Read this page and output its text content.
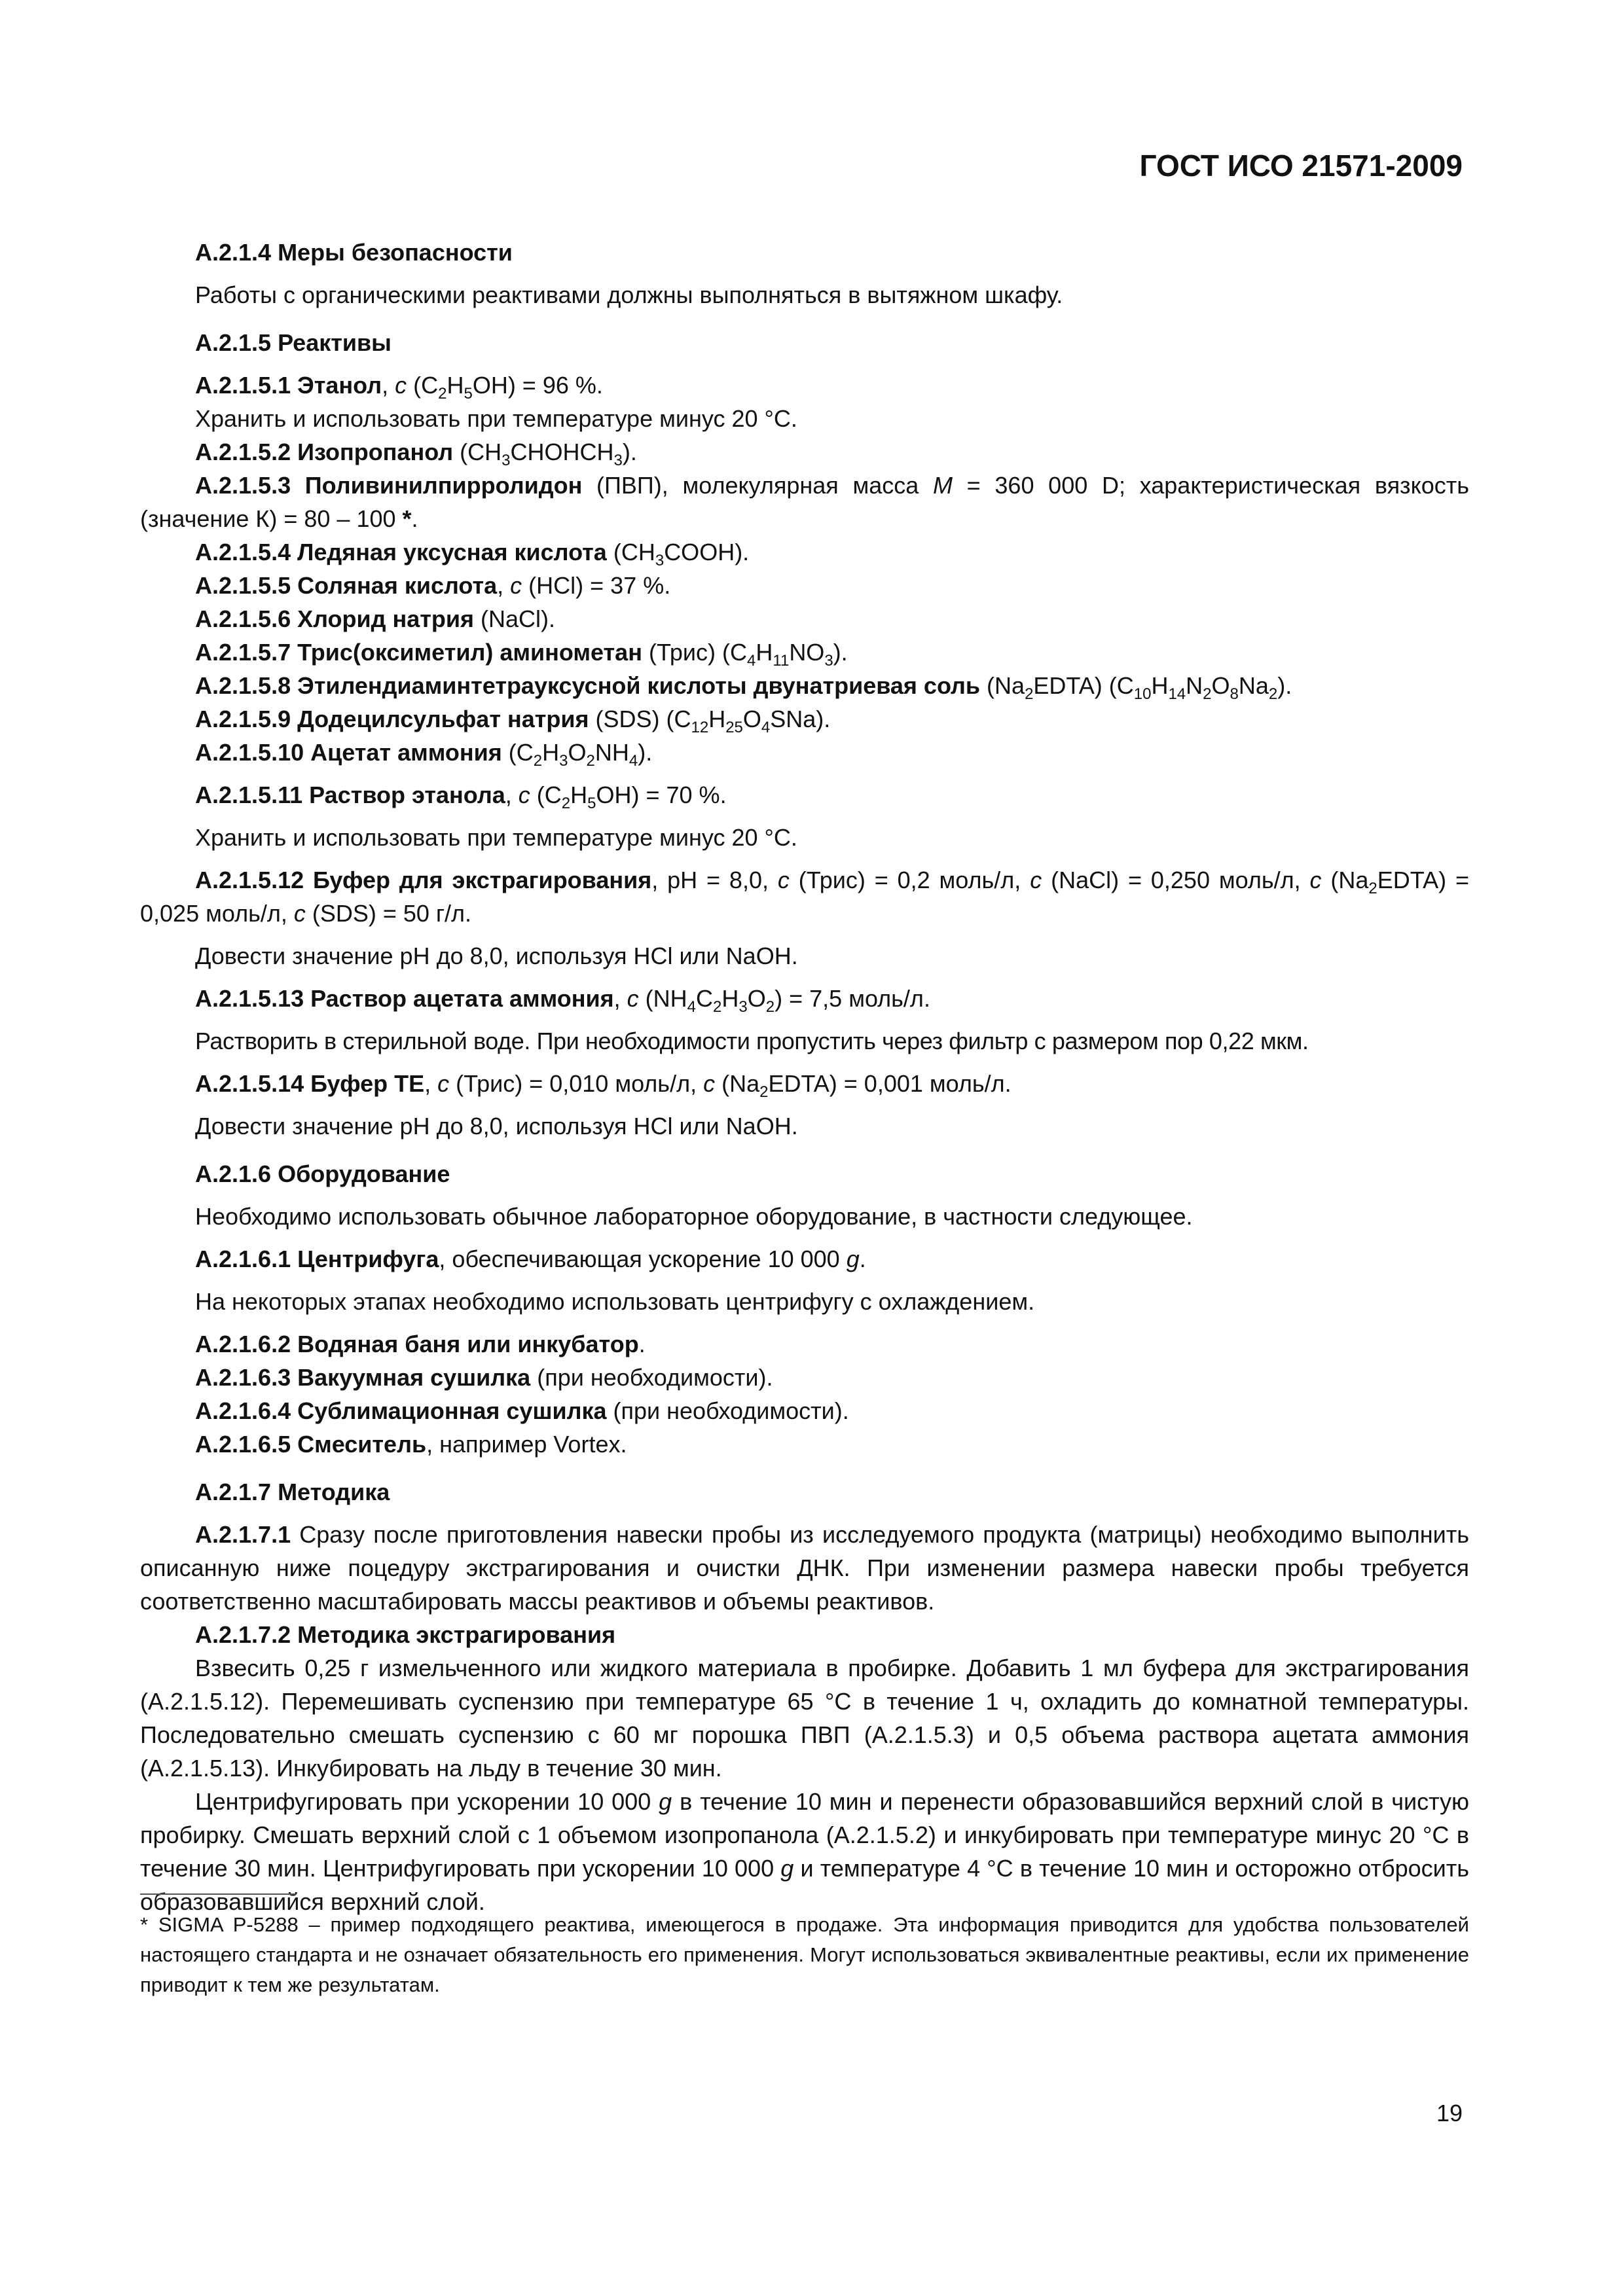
ГОСТ ИСО 21571-2009

А.2.1.4 Меры безопасности

Работы с органическими реактивами должны выполняться в вытяжном шкафу.

А.2.1.5 Реактивы

А.2.1.5.1 Этанол, с $(C_2H_5OH) = 96$ %.

Хранить и использовать при температуре минус 20 °С.

А.2.1.5.2 Изопропанол $(CH_3CHOHCH_3)$.

А.2.1.5.3 Поливинилпирролидон (ПВП), молекулярная масса М = 360 000 D; характеристическая вязкость (значение К) = 80 – 100 *.

А.2.1.5.4 Ледяная уксусная кислота $(CH_3COOH)$.

А.2.1.5.5 Соляная кислота, с (HCl) = 37 %.

А.2.1.5.6 Хлорид натрия (NaCl).

А.2.1.5.7 Трис(оксиметил) аминометан (Трис) $(C_4H_{11}NO_3)$.

А.2.1.5.8 Этилендиаминтетрауксусной кислоты двунатриевая соль $(Na_2EDTA)$ $(C_{10}H_{14}N_2O_8Na_2)$.

А.2.1.5.9 Додецилсульфат натрия (SDS) $(C_{12}H_{25}O_4SNa)$.

А.2.1.5.10 Ацетат аммония $(C_2H_3O_2NH_4)$.

А.2.1.5.11 Раствор этанола, с $(C_2H_5OH) = 70$ %.

Хранить и использовать при температуре минус 20 °С.

А.2.1.5.12 Буфер для экстрагирования, рН = 8,0, с (Трис) = 0,2 моль/л, с (NaCl) = 0,250 моль/л, с $(Na_2EDTA) = 0,025$ моль/л, с (SDS) = 50 г/л.

Довести значение рН до 8,0, используя HCl или NaOH.

А.2.1.5.13 Раствор ацетата аммония, с $(NH_4C_2H_3O_2) = 7,5$ моль/л.

Растворить в стерильной воде. При необходимости пропустить через фильтр с размером пор 0,22 мкм.

А.2.1.5.14 Буфер ТЕ, с (Трис) = 0,010 моль/л, с $(Na_2EDTA) = 0,001$ моль/л.

Довести значение рН до 8,0, используя HCl или NaOH.

А.2.1.6 Оборудование

Необходимо использовать обычное лабораторное оборудование, в частности следующее.

А.2.1.6.1 Центрифуга, обеспечивающая ускорение 10 000 g.

На некоторых этапах необходимо использовать центрифугу с охлаждением.

А.2.1.6.2 Водяная баня или инкубатор.

А.2.1.6.3 Вакуумная сушилка (при необходимости).

А.2.1.6.4 Сублимационная сушилка (при необходимости).

А.2.1.6.5 Смеситель, например Vortex.

А.2.1.7 Методика

А.2.1.7.1 Сразу после приготовления навески пробы из исследуемого продукта (матрицы) необходимо выполнить описанную ниже поцедуру экстрагирования и очистки ДНК. При изменении размера навески пробы требуется соответственно масштабировать массы реактивов и объемы реактивов.

А.2.1.7.2 Методика экстрагирования

Взвесить 0,25 г измельченного или жидкого материала в пробирке. Добавить 1 мл буфера для экстрагирования (А.2.1.5.12). Перемешивать суспензию при температуре 65 °С в течение 1 ч, охладить до комнатной температуры. Последовательно смешать суспензию с 60 мг порошка ПВП (А.2.1.5.3) и 0,5 объема раствора ацетата аммония (А.2.1.5.13). Инкубировать на льду в течение 30 мин.

Центрифугировать при ускорении 10 000 g в течение 10 мин и перенести образовавшийся верхний слой в чистую пробирку. Смешать верхний слой с 1 объемом изопропанола (А.2.1.5.2) и инкубировать при температуре минус 20 °С в течение 30 мин. Центрифугировать при ускорении 10 000 g и температуре 4 °С в течение 10 мин и осторожно отбросить образовавшийся верхний слой.

* SIGMA P-5288 – пример подходящего реактива, имеющегося в продаже. Эта информация приводится для удобства пользователей настоящего стандарта и не означает обязательность его применения. Могут использоваться эквивалентные реактивы, если их применение приводит к тем же результатам.
19
